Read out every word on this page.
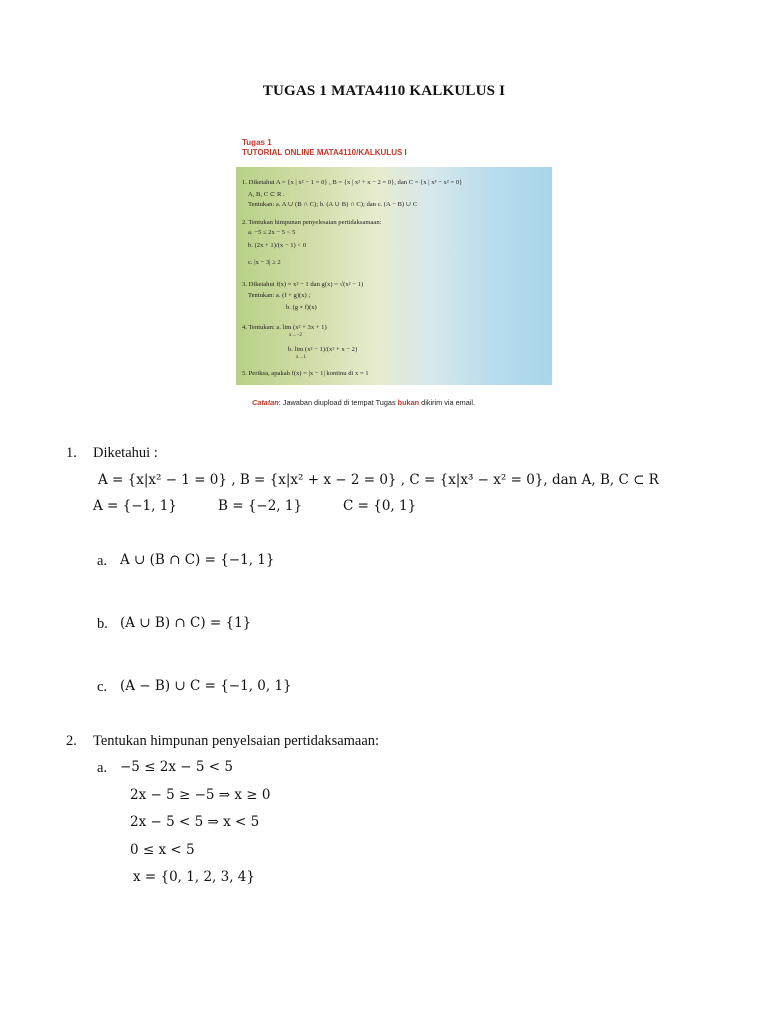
TUGAS 1 MATA4110 KALKULUS I
Tugas 1
TUTORIAL ONLINE MATA4110/KALKULUS I
1. Diketahui A = {x | x² − 1 = 0} , B = {x | x² + x − 2 = 0}, dan C = {x | x³ − x² = 0}
A, B, C ⊂ R .
Tentukan: a. A ∪ (B ∩ C); b. (A ∪ B) ∩ C); dan c. (A − B) ∪ C
2. Tentukan himpunan penyelesaian pertidaksamaan:
a. −5 ≤ 2x − 5 < 5
b. (2x + 1)/(x − 1) < 0
c. |x − 3| ≥ 2
3. Diketahui f(x) = x² − 1 dan g(x) = √(x² − 1)
Tentukan: a. (f + g)(x) ;
b. (g ∘ f)(x)
4. Tentukan: a. lim (x² + 3x + 1)
x→−2
b. lim (x² − 1)/(x² + x − 2)
x→1
5. Periksa, apakah f(x) = |x − 1| kontinu di x = 1
Catatan: Jawaban diupload di tempat Tugas bukan dikirim via email.
1. Diketahui :
A = {x|x² − 1 = 0} , B = {x|x² + x − 2 = 0} , C = {x|x³ − x² = 0}, dan A, B, C ⊂ R
A = {−1, 1}	B = {−2, 1}	C = {0, 1}
a. A ∪ (B ∩ C) = {−1, 1}
b. (A ∪ B) ∩ C) = {1}
c. (A − B) ∪ C = {−1, 0, 1}
2. Tentukan himpunan penyelsaian pertidaksamaan:
a. −5 ≤ 2x − 5 < 5
2x − 5 ≥ −5 ⇒ x ≥ 0
2x − 5 < 5 ⇒ x < 5
0 ≤ x < 5
x = {0, 1, 2, 3, 4}
